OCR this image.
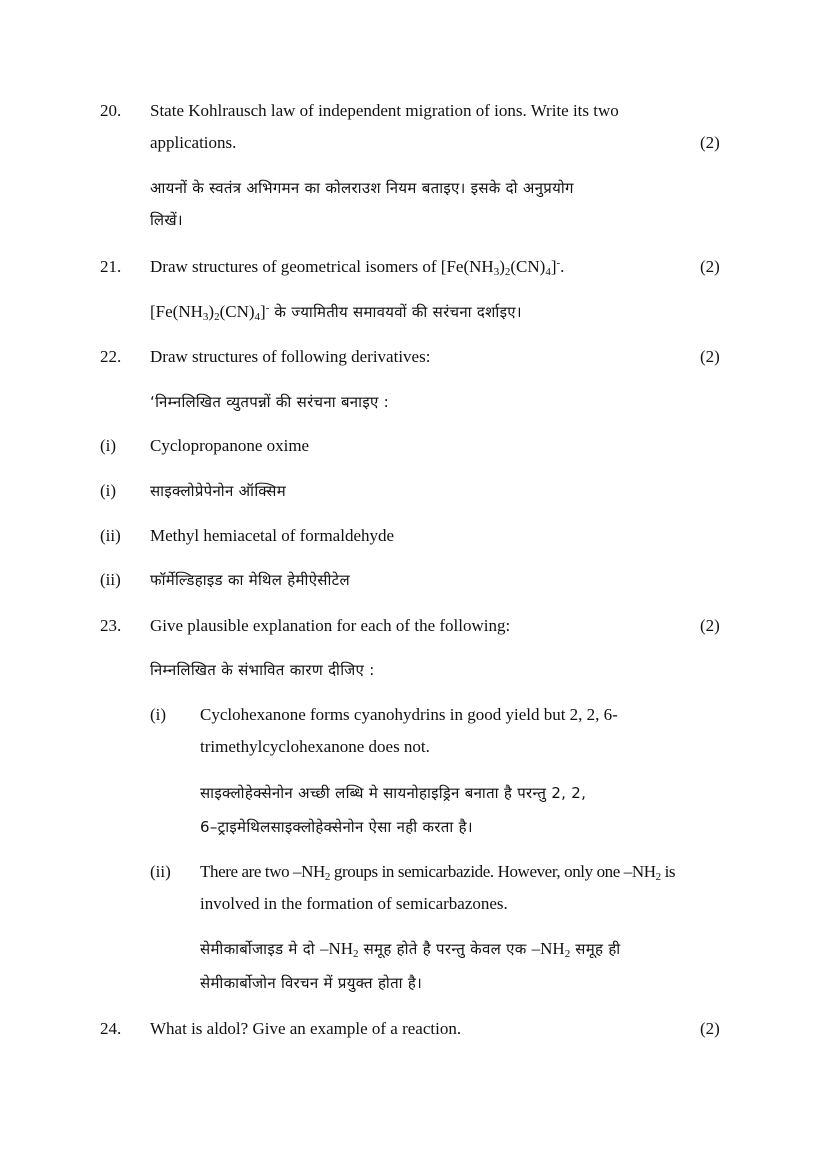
20. State Kohlrausch law of independent migration of ions. Write its two
applications.	(2)
आयनों के स्वतंत्र अभिगमन का कोलराउश नियम बताइए। इसके दो अनुप्रयोग
लिखें।
21. Draw structures of geometrical isomers of $[Fe(NH_3)_2(CN)_4]^-$.	(2)
$[Fe(NH_3)_2(CN)_4]^-$ के ज्यामितीय समावयवों की सरंचना दर्शाइए।
22. Draw structures of following derivatives:	(2)
‘निम्नलिखित व्युतपन्नों की सरंचना बनाइए :
(i) Cyclopropanone oxime
(i) साइक्लोप्रेपेनोन ऑक्सिम
(ii) Methyl hemiacetal of formaldehyde
(ii) फॉर्मेल्डिहाइड का मेथिल हेमीऐसीटेल
23. Give plausible explanation for each of the following:	(2)
निम्नलिखित के संभावित कारण दीजिए :
(i) Cyclohexanone forms cyanohydrins in good yield but 2, 2, 6-
trimethylcyclohexanone does not.
साइक्लोहेक्सेनोन अच्छी लब्धि मे सायनोहाइड्रिन बनाता है परन्तु 2, 2,
6–ट्राइमेथिलसाइक्लोहेक्सेनोन ऐसा नही करता है।
(ii) There are two $-NH_2$ groups in semicarbazide. However, only one $-NH_2$ is
involved in the formation of semicarbazones.
सेमीकार्बोजाइड मे दो $-NH_2$ समूह होते है परन्तु केवल एक $-NH_2$ समूह ही
सेमीकार्बोजोन विरचन में प्रयुक्त होता है।
24. What is aldol? Give an example of a reaction.	(2)
